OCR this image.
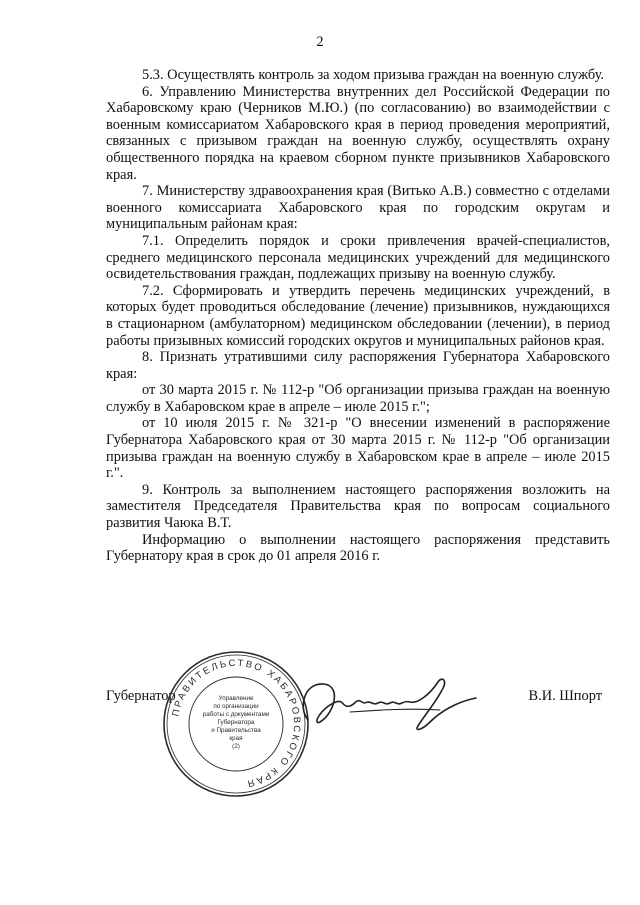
2

5.3. Осуществлять контроль за ходом призыва граждан на военную службу.

6. Управлению Министерства внутренних дел Российской Федерации по Хабаровскому краю (Черников М.Ю.) (по согласованию) во взаимодействии с военным комиссариатом Хабаровского края в период проведения мероприятий, связанных с призывом граждан на военную службу, осуществлять охрану общественного порядка на краевом сборном пункте призывников Хабаровского края.

7. Министерству здравоохранения края (Витько А.В.) совместно с отделами военного комиссариата Хабаровского края по городским округам и муниципальным районам края:

7.1. Определить порядок и сроки привлечения врачей-специалистов, среднего медицинского персонала медицинских учреждений для медицинского освидетельствования граждан, подлежащих призыву на военную службу.

7.2. Сформировать и утвердить перечень медицинских учреждений, в которых будет проводиться обследование (лечение) призывников, нуждающихся в стационарном (амбулаторном) медицинском обследовании (лечении), в период работы призывных комиссий городских округов и муниципальных районов края.

8. Признать утратившими силу распоряжения Губернатора Хабаровского края:

от 30 марта 2015 г. № 112-р "Об организации призыва граждан на военную службу в Хабаровском крае в апреле – июле 2015 г.";

от 10 июля 2015 г. № 321-р "О внесении изменений в распоряжение Губернатора Хабаровского края от 30 марта 2015 г. № 112-р "Об организации призыва граждан на военную службу в Хабаровском крае в апреле – июле 2015 г.".

9. Контроль за выполнением настоящего распоряжения возложить на заместителя Председателя Правительства края по вопросам социального развития Чаюка В.Т.

Информацию о выполнении настоящего распоряжения представить Губернатору края в срок до 01 апреля 2016 г.

Губернатор	В.И. Шпорт
ПРАВИТЕЛЬСТВО ХАБАРОВСКОГО КРАЯ
Управление
по организации
работы с документами
Губернатора
и Правительства
края
(2)
